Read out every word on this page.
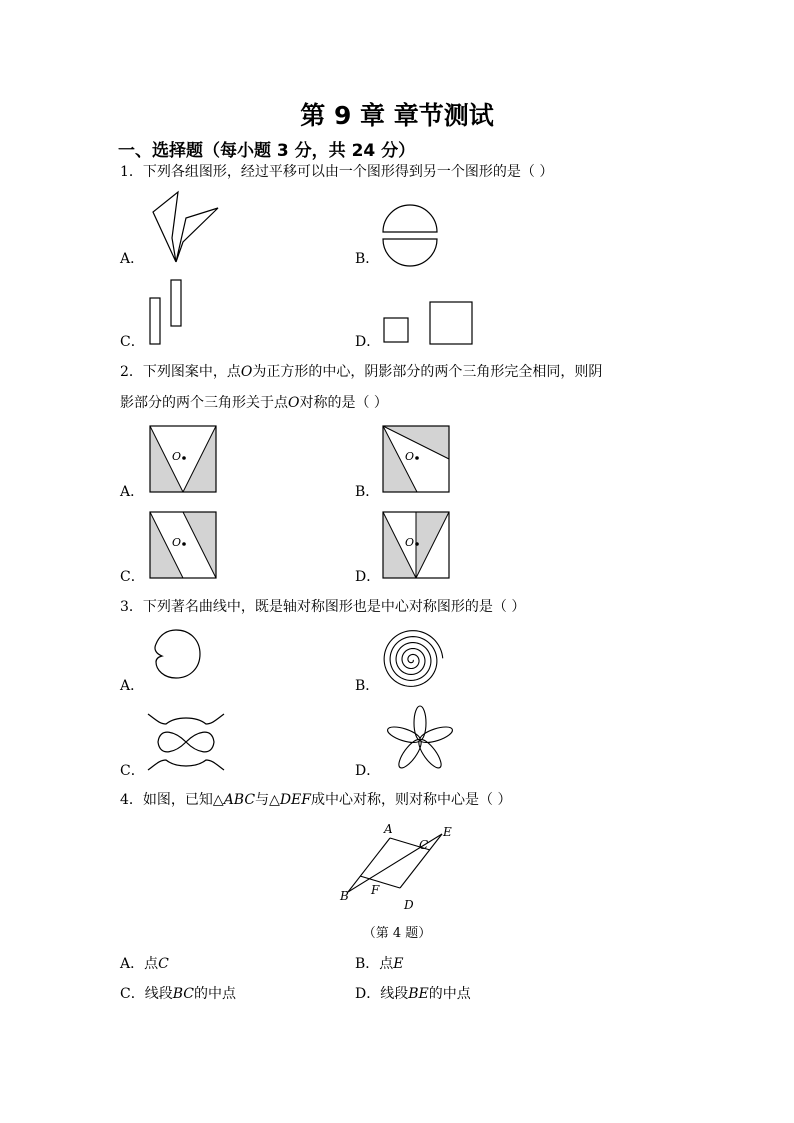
第 9 章 章节测试
一、选择题（每小题 3 分，共 24 分）
1．下列各组图形，经过平移可以由一个图形得到另一个图形的是（ ）
A．	B．
C．	D．
2．下列图案中，点O为正方形的中心，阴影部分的两个三角形完全相同，则阴
影部分的两个三角形关于点O对称的是（ ）
A．
O
B．
O
C．
O
D．
O
3．下列著名曲线中，既是轴对称图形也是中心对称图形的是（ ）
A．	B．
C．	D．
4．如图，已知△ABC与△DEF成中心对称，则对称中心是（ ）
A
B
C
D
E
F
（第 4 题）
A．点C	B．点E
C．线段BC的中点	D．线段BE的中点
